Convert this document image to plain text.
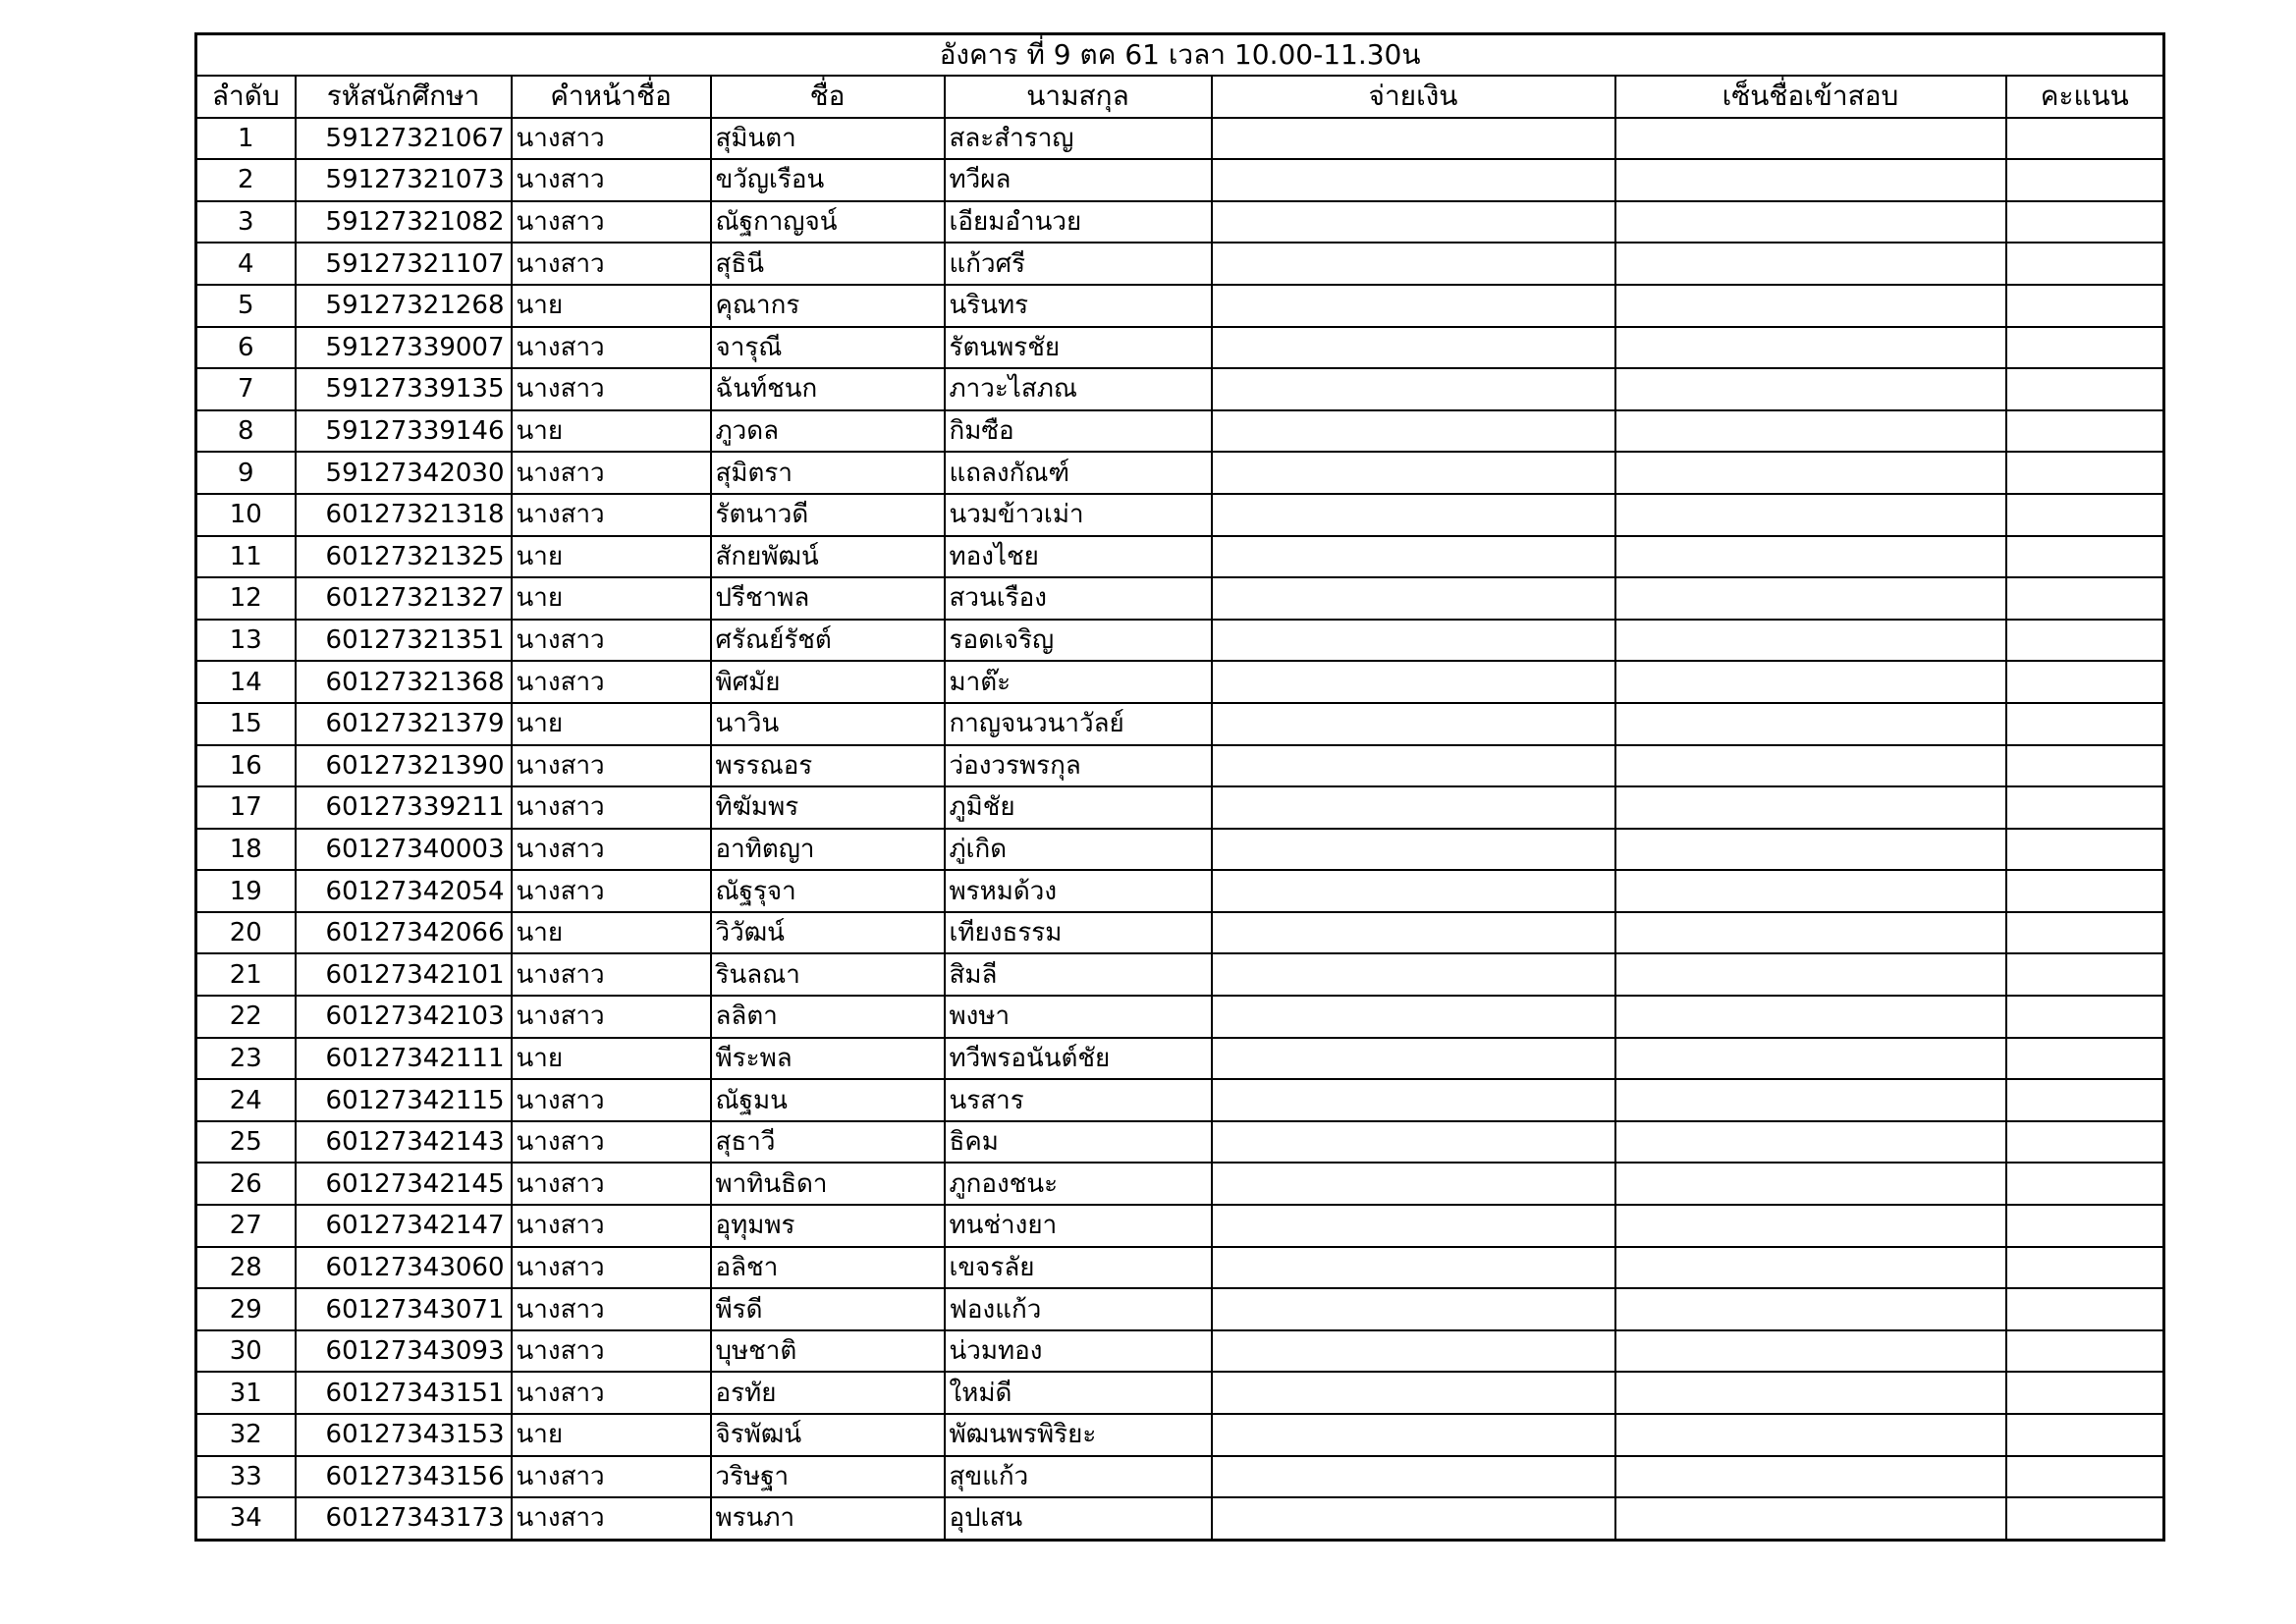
อังคาร ที่ 9 ตค 61 เวลา 10.00-11.30น							
ลำดับ	รหัสนักศึกษา	คำหน้าชื่อ	ชื่อ	นามสกุล	จ่ายเงิน	เซ็นชื่อเข้าสอบ	คะแนน
1	59127321067	นางสาว	สุมินตา	สละสำราญ			
2	59127321073	นางสาว	ขวัญเรือน	ทวีผล			
3	59127321082	นางสาว	ณัฐกาญจน์	เอียมอำนวย			
4	59127321107	นางสาว	สุธินี	แก้วศรี			
5	59127321268	นาย	คุณากร	นรินทร			
6	59127339007	นางสาว	จารุณี	รัตนพรชัย			
7	59127339135	นางสาว	ฉันท์ชนก	ภาวะไสภณ			
8	59127339146	นาย	ภูวดล	กิมซือ			
9	59127342030	นางสาว	สุมิตรา	แถลงกัณฑ์			
10	60127321318	นางสาว	รัตนาวดี	นวมข้าวเม่า			
11	60127321325	นาย	สักยพัฒน์	ทองไชย			
12	60127321327	นาย	ปรีชาพล	สวนเรือง			
13	60127321351	นางสาว	ศรัณย์รัชต์	รอดเจริญ			
14	60127321368	นางสาว	พิศมัย	มาต๊ะ			
15	60127321379	นาย	นาวิน	กาญจนวนาวัลย์			
16	60127321390	นางสาว	พรรณอร	ว่องวรพรกุล			
17	60127339211	นางสาว	ทิฆัมพร	ภูมิชัย			
18	60127340003	นางสาว	อาทิตญา	ภู่เกิด			
19	60127342054	นางสาว	ณัฐรุจา	พรหมด้วง			
20	60127342066	นาย	วิวัฒน์	เทียงธรรม			
21	60127342101	นางสาว	รินลณา	สิมลี			
22	60127342103	นางสาว	ลลิตา	พงษา			
23	60127342111	นาย	พีระพล	ทวีพรอนันต์ชัย			
24	60127342115	นางสาว	ณัฐมน	นรสาร			
25	60127342143	นางสาว	สุธาวี	ธิคม			
26	60127342145	นางสาว	พาทินธิดา	ภูกองชนะ			
27	60127342147	นางสาว	อุทุมพร	ทนช่างยา			
28	60127343060	นางสาว	อลิชา	เขจรลัย			
29	60127343071	นางสาว	พีรดี	ฟองแก้ว			
30	60127343093	นางสาว	บุษชาติ	น่วมทอง			
31	60127343151	นางสาว	อรทัย	ใหม่ดี			
32	60127343153	นาย	จิรพัฒน์	พัฒนพรพิริยะ			
33	60127343156	นางสาว	วริษฐา	สุขแก้ว			
34	60127343173	นางสาว	พรนภา	อุปเสน			
